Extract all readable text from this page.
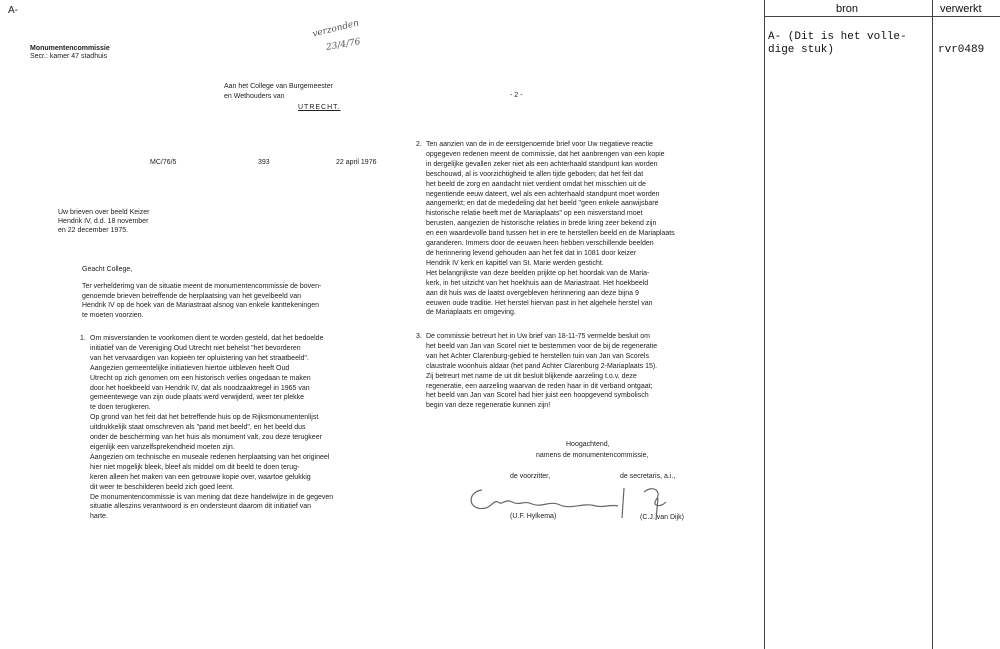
A-
Monumentencommissie
Secr.: kamer 47 stadhuis
verzonden
23/4/76
Aan het College van Burgemeester
en Wethouders van
UTRECHT.
MC/76/5	393	22 april 1976
Uw brieven over beeld Keizer
Hendrik IV, d.d. 18 november
en 22 december 1975.
Geacht College,
Ter verhelderimg van de situatie meent de monumentencommissie de boven-
genoemde brieven betreffende de herplaatsing van het gevelbeeld van
Hendrik IV op de hoek van de Mariastraat alsnog van enkele kanttekeningen
te moeten voorzien.
1. Om misverstanden te voorkomen dient te worden gesteld, dat het bedoelde
initiatief van de Vereniging Oud Utrecht niet behelst "het bevorderen
van het vervaardigen van kopieën ter opluistering van het straatbeeld".
Aangezien gemeentelijke initiatieven hiertoe uitbleven heeft Oud
Utrecht op zich genomen om een historisch verlies ongedaan te maken
door het hoekbeeld van Hendrik IV, dat als noodzaaktregel in 1965 van
gemeentewege van zijn oude plaats werd verwijderd, weer ter plekke
te doen terugkeren.
Op grond van het feit dat het betreffende huis op de Rijksmonumentenlijst
uitdrukkelijk staat omschreven als "pand met beeld", en het beeld dus
onder de bescherming van het huis als monument valt, zou deze terugkeer
eigenlijk een vanzelfsprekendheid moeten zijn.
Aangezien om technische en museale redenen herplaatsing van het origineel
hier niet mogelijk bleek, bleef als middel om dit beeld te doen terug-
keren alleen het maken van een getrouwe kopie over, waartoe gelukkig
dit weer te beschilderen beeld zich goed leent.
De monumentencommissie is van mening dat deze handelwijze in de gegeven
situatie alleszins verantwoord is en ondersteunt daarom dit initiatief van
harte.
- 2 -
2. Ten aanzien van de in de eerstgenoemde brief voor Uw negatieve reactie
opgegeven redenen meent de commissie, dat het aanbrengen van een kopie
in dergelijke gevallen zeker niet als een achterhaald standpunt kan worden
beschouwd, al is voorzichtigheid te allen tijde geboden; dat het feit dat
het beeld de zorg en aandacht niet verdient omdat het misschien uit de
negentiende eeuw dateert, wel als een achterhaald standpunt moet worden
aangemerkt; en dat de mededeling dat het beeld "geen enkele aanwijsbare
historische relatie heeft met de Mariaplaats" op een misverstand moet
berusten, aangezien de historische relaties in brede kring zeer bekend zijn
en een waardevolle band tussen het in ere te herstellen beeld en de Mariaplaats
garanderen. Immers door de eeuwen heen hebben verschillende beelden
de herinnering levend gehouden aan het feit dat in 1081 door keizer
Hendrik IV kerk en kapittel van St. Marie werden gesticht.
Het belangrijkste van deze beelden prijkte op het hoordak van de Maria-
kerk, in het uitzicht van het hoekhuis aan de Mariastraat. Het hoekbeeld
aan dit huis was de laatst overgebleven herinnering aan deze bijna 9
eeuwen oude traditie. Het herstel hiervan past in het algehele herstel van
de Mariaplaats en omgeving.
3. De commissie betreurt het in Uw brief van 18-11-75 vermelde besluit om
het beeld van Jan van Scorel niet te bestemmen voor de bij de regeneratie
van het Achter Clarenburg-gebied te herstellen tuin van Jan van Scorels
claustrale woonhuis aldaar (het pand Achter Clarenburg 2-Mariaplaats 15).
Zij betreurt met name de uit dit besluit blijkende aarzeling t.o.v. deze
regeneratie, een aarzeling waarvan de reden haar in dit verband ontgaat;
het beeld van Jan van Scorel had hier juist een hoopgevend symbolisch
begin van deze regeneratie kunnen zijn!
Hoogachtend,
namens de monumentencommissie,
de voorzitter,	de secretaris, a.i.,
(U.F. Hylkema)	(C.J. van Dijk)
bron	verwerkt
A- (Dit is het volle-
dige stuk)	rvr0489
